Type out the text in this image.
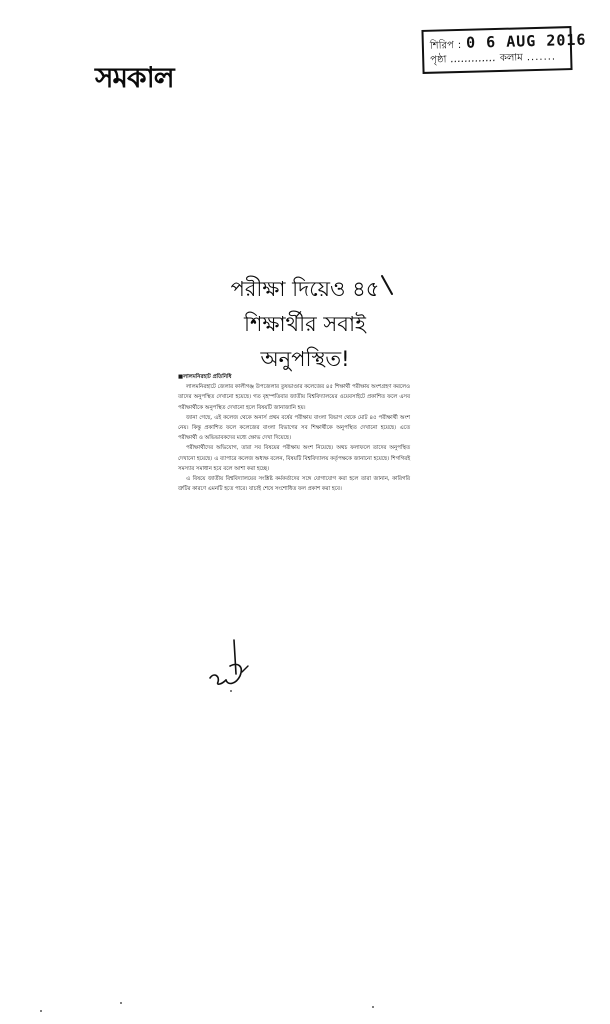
সমকাল
শিরিপ : 0 6 AUG 2016
পৃষ্ঠা ............. কলাম .......
পরীক্ষা দিয়েও ৪৫
শিক্ষার্থীর সবাই
অনুপস্থিত!
■ লালমনিরহাট প্রতিনিধি

লালমনিরহাটে জেলার কালীগঞ্জ উপজেলার তুষভাণ্ডার কলেজের ৪৫ শিক্ষার্থী পরীক্ষায় অংশগ্রহণ করলেও তাদের অনুপস্থিত দেখানো হয়েছে। গত বৃহস্পতিবার জাতীয় বিশ্ববিদ্যালয়ের ওয়েবসাইটে প্রকাশিত ফলে এসব পরীক্ষার্থীকে অনুপস্থিত দেখানো হলে বিষয়টি জানাজানি হয়।

জানা গেছে, এই কলেজ থেকে অনার্স প্রথম বর্ষের পরীক্ষায় বাংলা বিভাগ থেকে মোট ৪৫ পরীক্ষার্থী অংশ নেয়। কিন্তু প্রকাশিত ফলে কলেজের বাংলা বিভাগের সব শিক্ষার্থীকে অনুপস্থিত দেখানো হয়েছে। এতে পরীক্ষার্থী ও অভিভাবকদের মধ্যে ক্ষোভ দেখা দিয়েছে।

পরীক্ষার্থীদের অভিযোগ, তারা সব বিষয়ের পরীক্ষায় অংশ নিয়েছে। অথচ ফলাফলে তাদের অনুপস্থিত দেখানো হয়েছে। এ ব্যাপারে কলেজ অধ্যক্ষ বলেন, বিষয়টি বিশ্ববিদ্যালয় কর্তৃপক্ষকে জানানো হয়েছে। শিগগিরই সমস্যার সমাধান হবে বলে আশা করা হচ্ছে।

এ বিষয়ে জাতীয় বিশ্ববিদ্যালয়ের সংশ্লিষ্ট কর্মকর্তাদের সঙ্গে যোগাযোগ করা হলে তারা জানান, কারিগরি ত্রুটির কারণে এমনটি হতে পারে। যাচাই শেষে সংশোধিত ফল প্রকাশ করা হবে।
